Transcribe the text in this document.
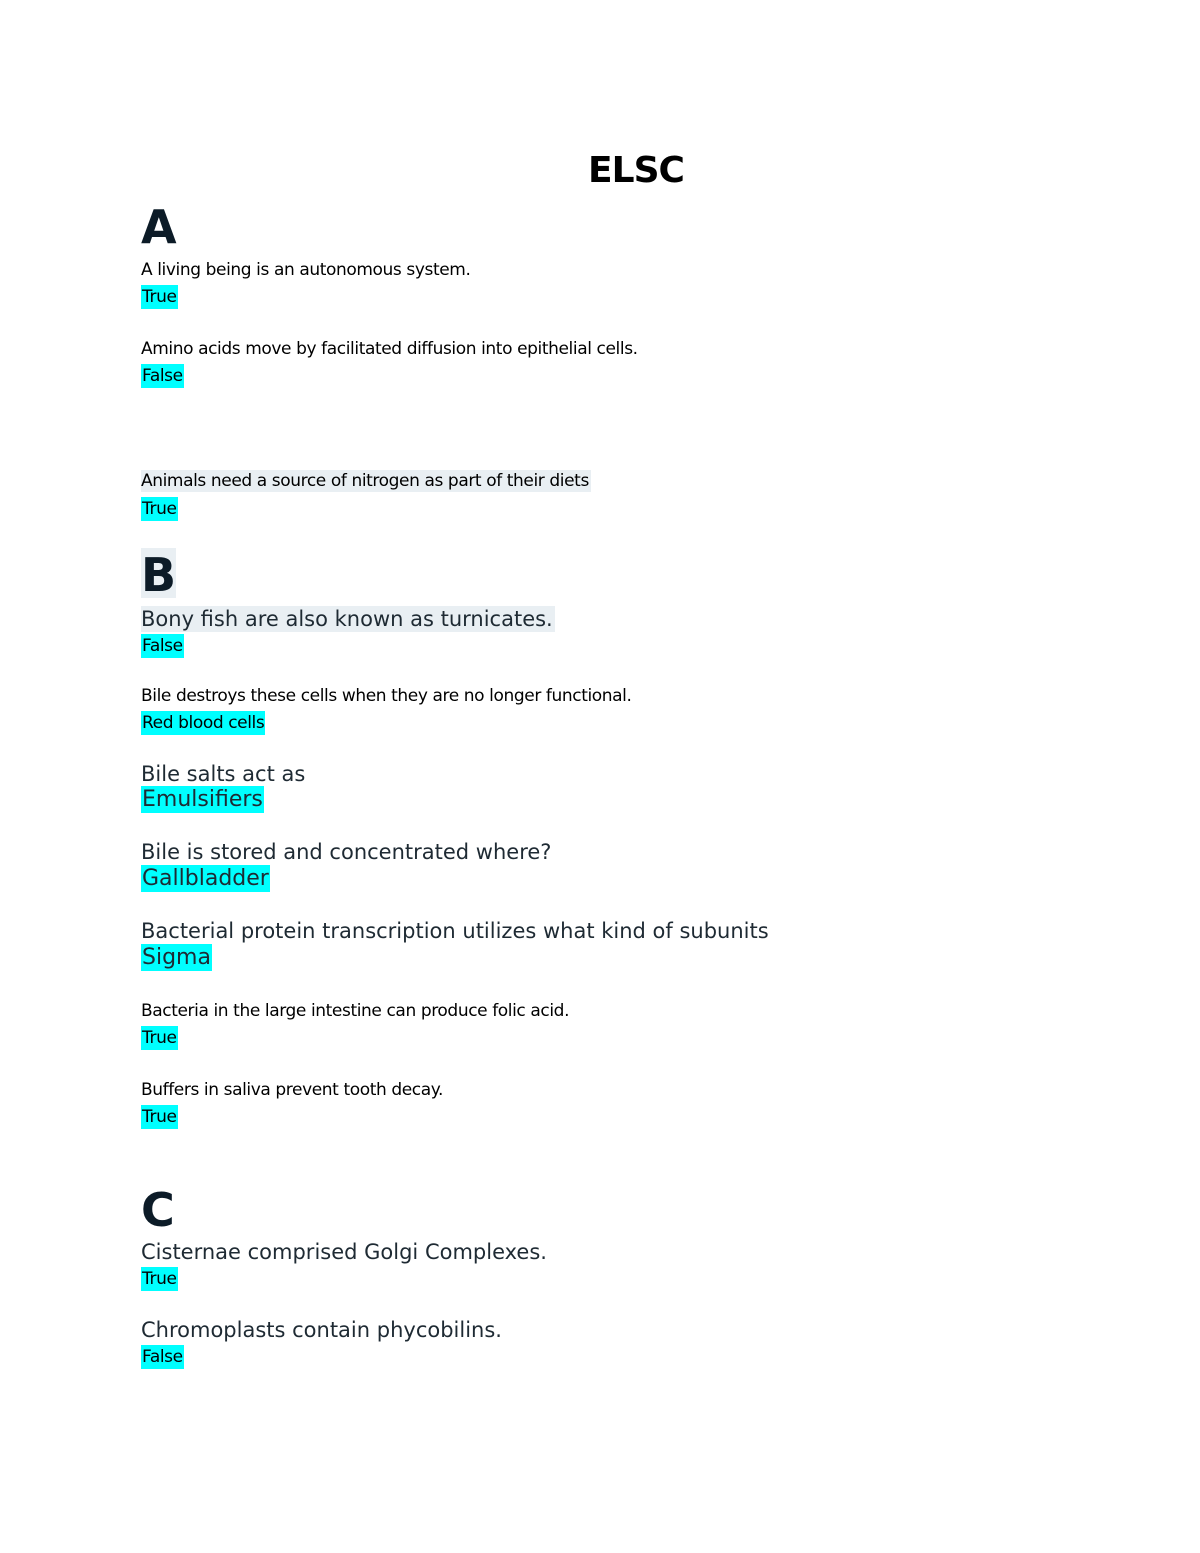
ELSC
A
A living being is an autonomous system.
True
Amino acids move by facilitated diffusion into epithelial cells.
False
Animals need a source of nitrogen as part of their diets
True
B
Bony fish are also known as turnicates.
False
Bile destroys these cells when they are no longer functional.
Red blood cells
Bile salts act as
Emulsifiers
Bile is stored and concentrated where?
Gallbladder
Bacterial protein transcription utilizes what kind of subunits
Sigma
Bacteria in the large intestine can produce folic acid.
True
Buffers in saliva prevent tooth decay.
True
C
Cisternae comprised Golgi Complexes.
True
Chromoplasts contain phycobilins.
False
